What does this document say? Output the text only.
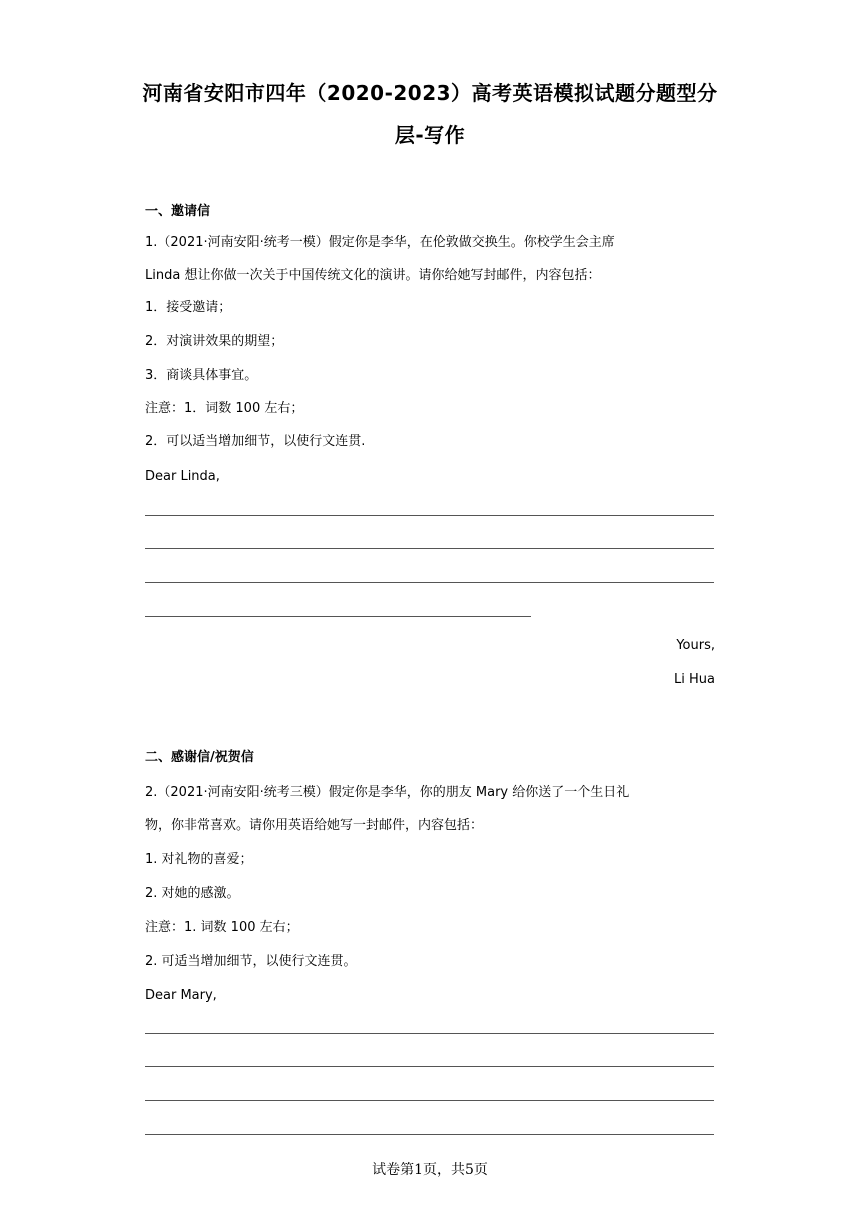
河南省安阳市四年（2020-2023）高考英语模拟试题分题型分
层-写作
一、邀请信
1.（2021·河南安阳·统考一模）假定你是李华，在伦敦做交换生。你校学生会主席
Linda 想让你做一次关于中国传统文化的演讲。请你给她写封邮件，内容包括：
1．接受邀请；
2．对演讲效果的期望；
3．商谈具体事宜。
注意：1．词数 100 左右；
2．可以适当增加细节，以使行文连贯.
Dear Linda,
Yours,
Li Hua
二、感谢信/祝贺信
2.（2021·河南安阳·统考三模）假定你是李华，你的朋友 Mary 给你送了一个生日礼
物，你非常喜欢。请你用英语给她写一封邮件，内容包括：
1. 对礼物的喜爱；
2. 对她的感激。
注意：1. 词数 100 左右；
2. 可适当增加细节，以使行文连贯。
Dear Mary,
试卷第1页，共5页
